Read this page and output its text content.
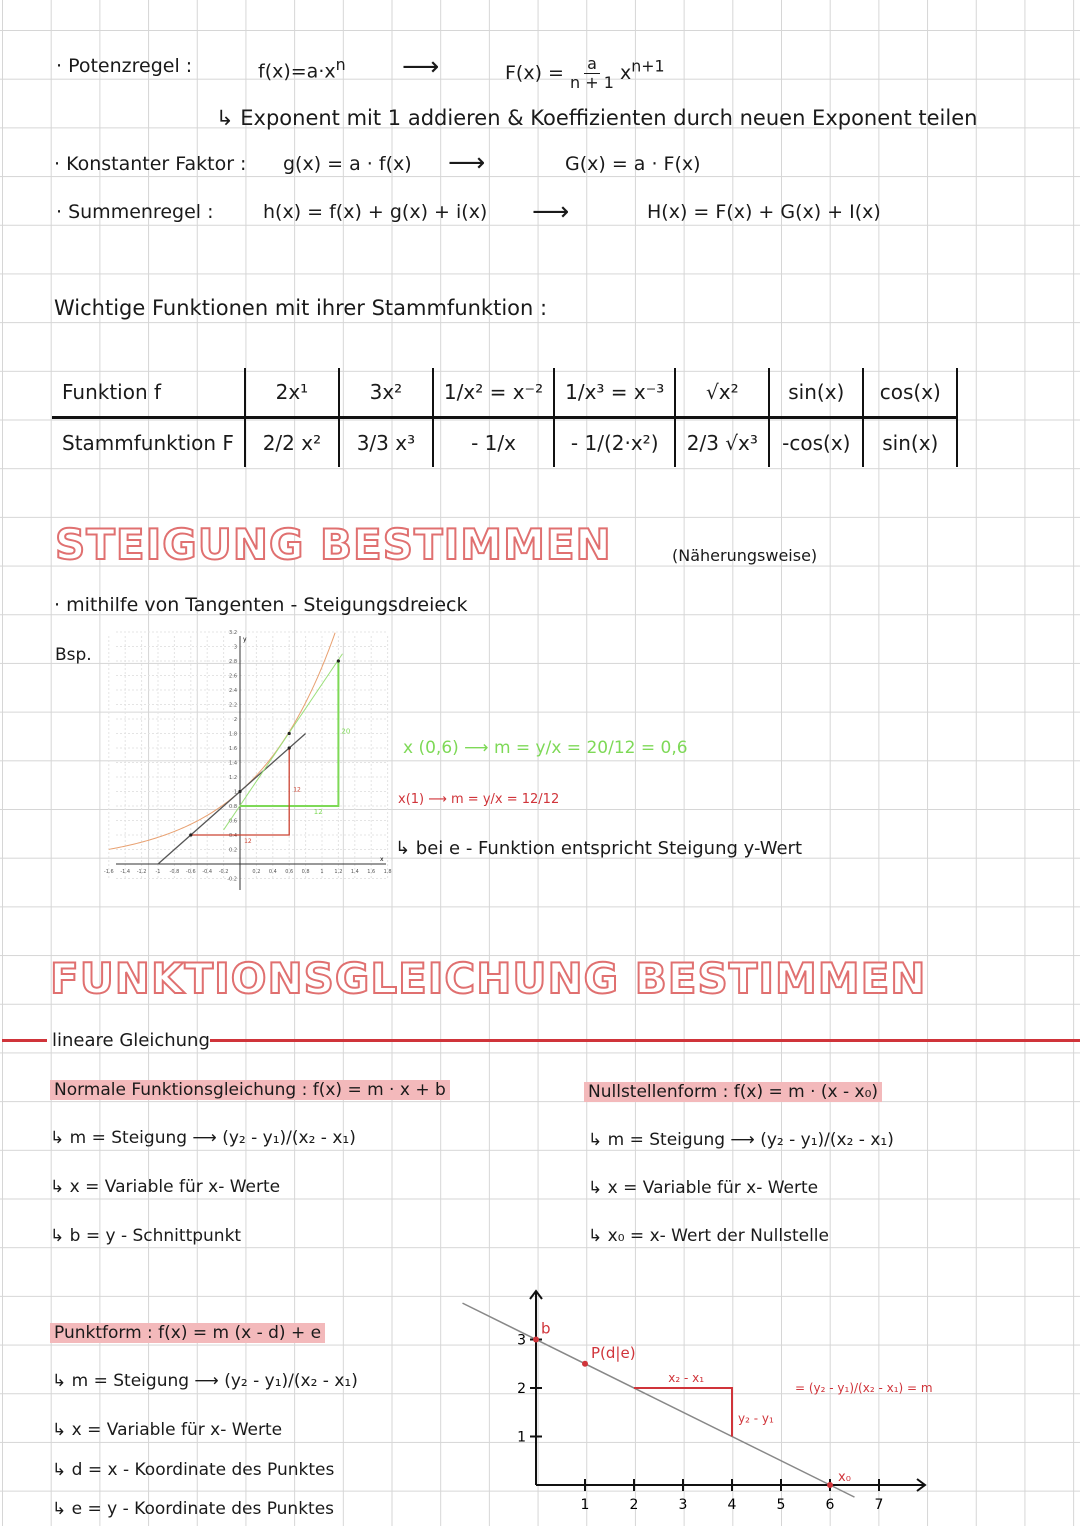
· Potenzregel :	$f(x)=a\cdot x^n$ ⟶	$F(x) = \frac{a}{n + 1} x^{n+1}$
↳ Exponent mit 1 addieren & Koeffizienten durch neuen Exponent teilen
· Konstanter Faktor : g(x) = a · f(x) ⟶	G(x) = a · F(x)
· Summenregel :	h(x) = f(x) + g(x) + i(x) ⟶	H(x) = F(x) + G(x) + I(x)
Wichtige Funktionen mit ihrer Stammfunktion :
Funktion f	2x¹	3x²	1/x² = x⁻²	1/x³ = x⁻³	√x²	sin(x)	cos(x)
Stammfunktion F	2/2 x²	3/3 x³	- 1/x	- 1/(2·x²)	2/3 √x³	-cos(x)	sin(x)
STEIGUNG BESTIMMEN	(Näherungsweise)
· mithilfe von Tangenten - Steigungsdreieck
Bsp.
3.2
3
2.8
2.6
2.4
2.2
2
1.8
1.6
1.4
1.2
1
0.8
0.6
0.4
0.2
-0.2
-1.6 -1.4 -1.2 -1 -0.8 -0.6 -0.4 -0.2	0.2 0.4 0.6 0.8 1 1.2 1.4 1.6 1.8
y
x
20
12
12
12
x (0,6) ⟶ m = y/x = 20/12 = 0,6
x(1) ⟶ m = y/x = 12/12
↳ bei e - Funktion entspricht Steigung y-Wert
FUNKTIONSGLEICHUNG BESTIMMEN
lineare Gleichung
Normale Funktionsgleichung : f(x) = m · x + b
↳ m = Steigung ⟶ (y₂ - y₁)/(x₂ - x₁)
↳ x = Variable für x- Werte
↳ b = y - Schnittpunkt
Nullstellenform : f(x) = m · (x - x₀)
↳ m = Steigung ⟶ (y₂ - y₁)/(x₂ - x₁)
↳ x = Variable für x- Werte
↳ x₀ = x- Wert der Nullstelle
Punktform : f(x) = m (x - d) + e
↳ m = Steigung ⟶ (y₂ - y₁)/(x₂ - x₁)
↳ x = Variable für x- Werte
↳ d = x - Koordinate des Punktes
↳ e = y - Koordinate des Punktes	1	2	3	4	5	6	7
1
2
3
b
P(d|e)
x₂ - x₁
y₂ - y₁
x₀
= (y₂ - y₁)/(x₂ - x₁) = m
